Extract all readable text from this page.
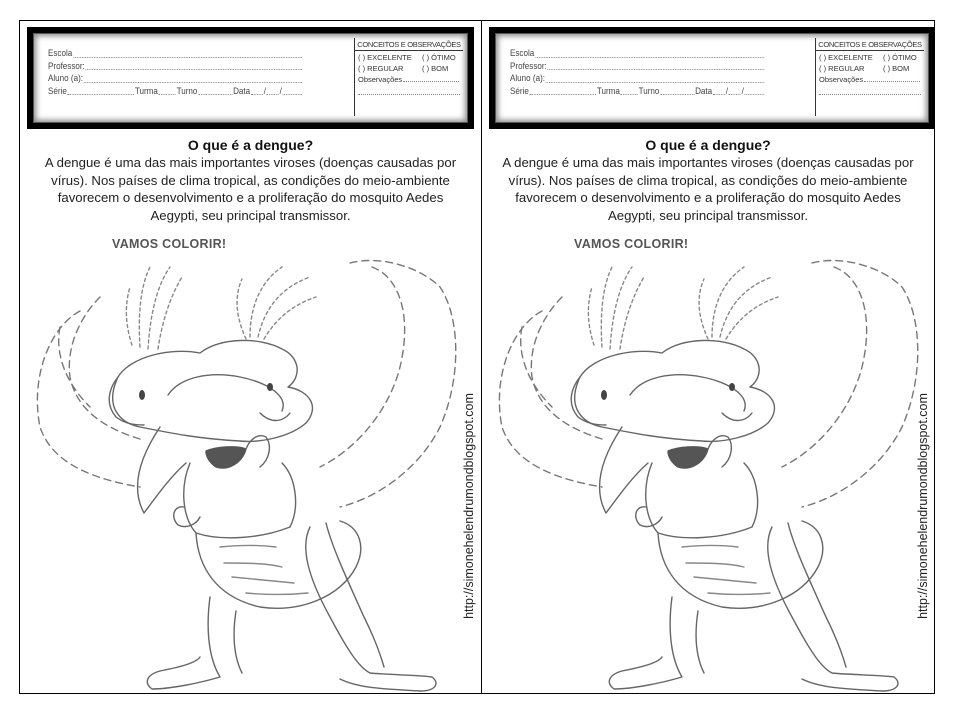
Escola
Professor:
Aluno (a):
Série	Turma Turno	Data / /
CONCEITOS E OBSERVAÇÕES
( ) EXCELENTE ( ) ÓTIMO
( ) REGULAR ( ) BOM
Observações
O que é a dengue?

A dengue é uma das mais importantes viroses (doenças causadas por vírus). Nos países de clima tropical, as condições do meio-ambiente favorecem o desenvolvimento e a proliferação do mosquito Aedes Aegypti, seu principal transmissor.

VAMOS COLORIR!
http://simonehelendrumondblogspot.com
Escola
Professor:
Aluno (a):
Série	Turma Turno	Data / /
CONCEITOS E OBSERVAÇÕES
( ) EXCELENTE ( ) ÓTIMO
( ) REGULAR ( ) BOM
Observações
O que é a dengue?

A dengue é uma das mais importantes viroses (doenças causadas por vírus). Nos países de clima tropical, as condições do meio-ambiente favorecem o desenvolvimento e a proliferação do mosquito Aedes Aegypti, seu principal transmissor.

VAMOS COLORIR!
http://simonehelendrumondblogspot.com
